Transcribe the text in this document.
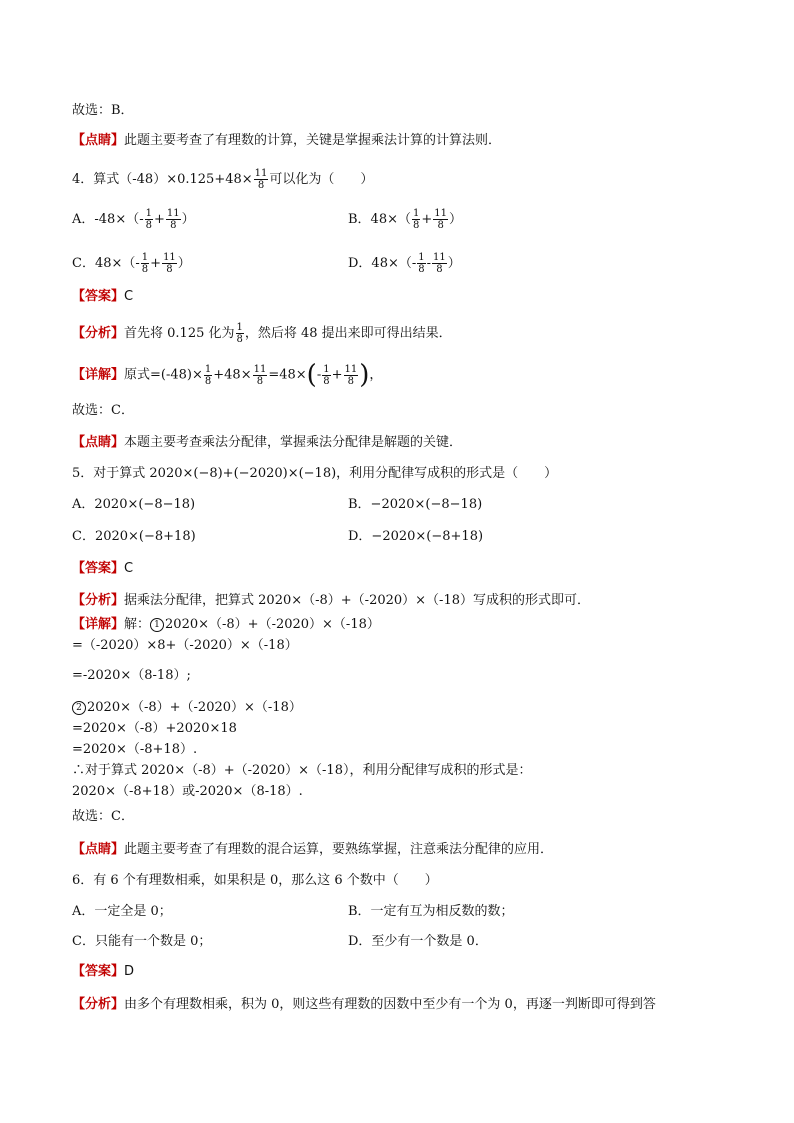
故选：B．
【点睛】此题主要考查了有理数的计算，关键是掌握乘法计算的计算法则．
4．算式$(-48)\times 0.125+48\times \frac{11}{8}$ 可以化为（　　）
A．$-48\times(- \frac{1}{8} + \frac{11}{8}$ ）	B．$48\times( \frac{1}{8} + \frac{11}{8}$ ）
C．$48\times(- \frac{1}{8} + \frac{11}{8}$ ）	D．$48\times(- \frac{1}{8} - \frac{11}{8}$ ）
【答案】C
【分析】首先将 0.125 化为 $\frac{1}{8}$ ，然后将 48 提出来即可得出结果．
【详解】原式$=(-48)\times \frac{1}{8} +48\times \frac{11}{8} =48\times(- \frac{1}{8} + \frac{11}{8}$ )，
故选：C．
【点睛】本题主要考查乘法分配律，掌握乘法分配律是解题的关键．
5．对于算式 2020×(−8)+(−2020)×(−18)，利用分配律写成积的形式是（　　）
A．2020×(−8−18)	B．−2020×(−8−18)
C．2020×(−8+18)	D．−2020×(−8+18)
【答案】C
【分析】据乘法分配律，把算式 2020×（-8）+（-2020）×（-18）写成积的形式即可．
【详解】解： 1 2020×（-8）+（-2020）×（-18）
=（-2020）×8+（-2020）×（-18）
=-2020×（8-18）;
2 2020×（-8）+（-2020）×（-18）
=2020×（-8）+2020×18
=2020×（-8+18）.
∴对于算式 2020×（-8）+（-2020）×（-18），利用分配律写成积的形式是：
2020×（-8+18）或-2020×（8-18）.
故选：C．
【点睛】此题主要考查了有理数的混合运算，要熟练掌握，注意乘法分配律的应用．
6．有 6 个有理数相乘，如果积是 0，那么这 6 个数中（　　）
A．一定全是 0；	B．一定有互为相反数的数；
C．只能有一个数是 0；	D．至少有一个数是 0．
【答案】D
【分析】由多个有理数相乘，积为 0，则这些有理数的因数中至少有一个为 0，再逐一判断即可得到答
